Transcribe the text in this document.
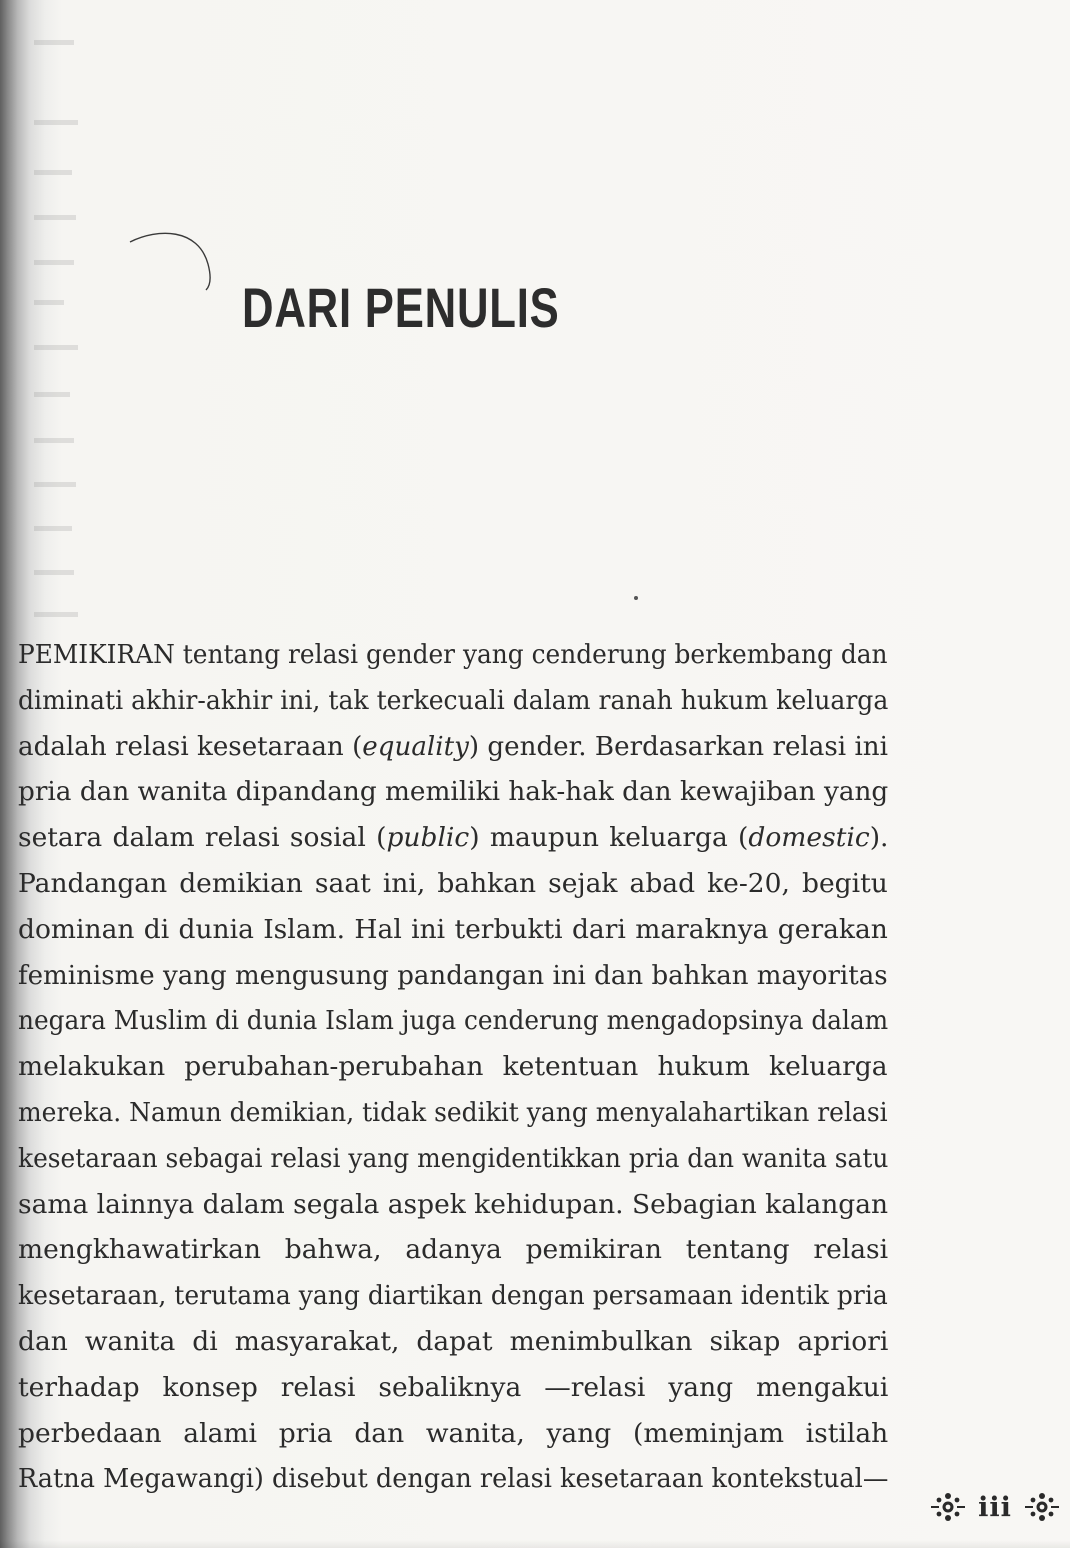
DARI PENULIS
PEMIKIRAN tentang relasi gender yang cenderung berkembang dan
diminati akhir-akhir ini, tak terkecuali dalam ranah hukum keluarga
adalah relasi kesetaraan (equality) gender. Berdasarkan relasi ini
pria dan wanita dipandang memiliki hak-hak dan kewajiban yang
setara dalam relasi sosial (public) maupun keluarga (domestic).
Pandangan demikian saat ini, bahkan sejak abad ke-20, begitu
dominan di dunia Islam. Hal ini terbukti dari maraknya gerakan
feminisme yang mengusung pandangan ini dan bahkan mayoritas
negara Muslim di dunia Islam juga cenderung mengadopsinya dalam
melakukan perubahan-perubahan ketentuan hukum keluarga
mereka. Namun demikian, tidak sedikit yang menyalahartikan relasi
kesetaraan sebagai relasi yang mengidentikkan pria dan wanita satu
sama lainnya dalam segala aspek kehidupan. Sebagian kalangan
mengkhawatirkan bahwa, adanya pemikiran tentang relasi
kesetaraan, terutama yang diartikan dengan persamaan identik pria
dan wanita di masyarakat, dapat menimbulkan sikap apriori
terhadap konsep relasi sebaliknya —relasi yang mengakui
perbedaan alami pria dan wanita, yang (meminjam istilah
Ratna Megawangi) disebut dengan relasi kesetaraan kontekstual—
iii
